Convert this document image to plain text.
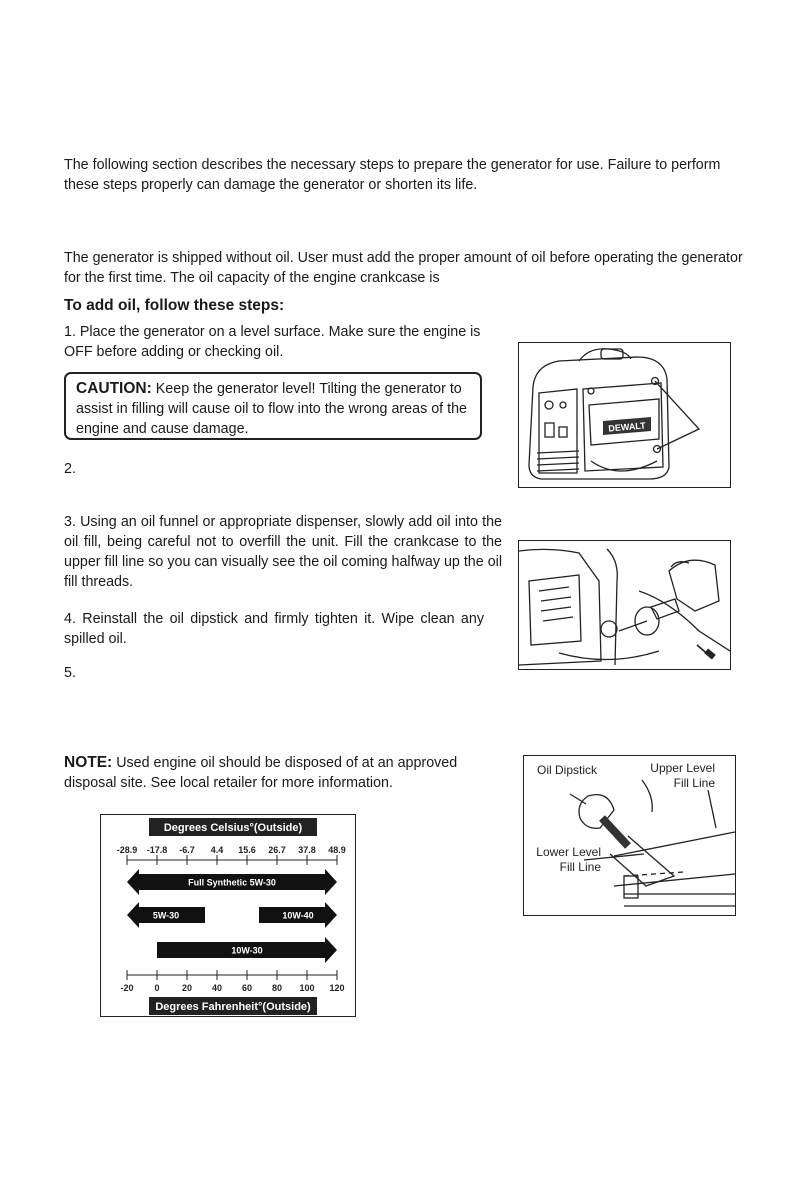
The following section describes the necessary steps to prepare the generator for use. Failure to perform these steps properly can damage the generator or shorten its life.

The generator is shipped without oil. User must add the proper amount of oil before operating the generator for the first time. The oil capacity of the engine crankcase is

To add oil, follow these steps:

1. Place the generator on a level surface. Make sure the engine is OFF before adding or checking oil.

CAUTION: Keep the generator level! Tilting the generator to assist in filling will cause oil to flow into the wrong areas of the engine and cause damage.

2.

3. Using an oil funnel or appropriate dispenser, slowly add oil into the oil fill, being careful not to overfill the unit. Fill the crankcase to the upper fill line so you can visually see the oil coming halfway up the oil fill threads.

4. Reinstall the oil dipstick and firmly tighten it. Wipe clean any spilled oil.

5.

NOTE: Used engine oil should be disposed of at an approved disposal site. See local retailer for more information.

DEWALT
Oil Dipstick	Upper Level
Fill Line
Lower Level
Fill Line
Degrees Celsius°(Outside)
Degrees Fahrenheit°(Outside)
-28.9 -17.8 -6.7 4.4 15.6 26.7 37.8 48.9
-20 0 20 40 60 80 100 120
Full Synthetic 5W-30
5W-30	10W-40
10W-30
